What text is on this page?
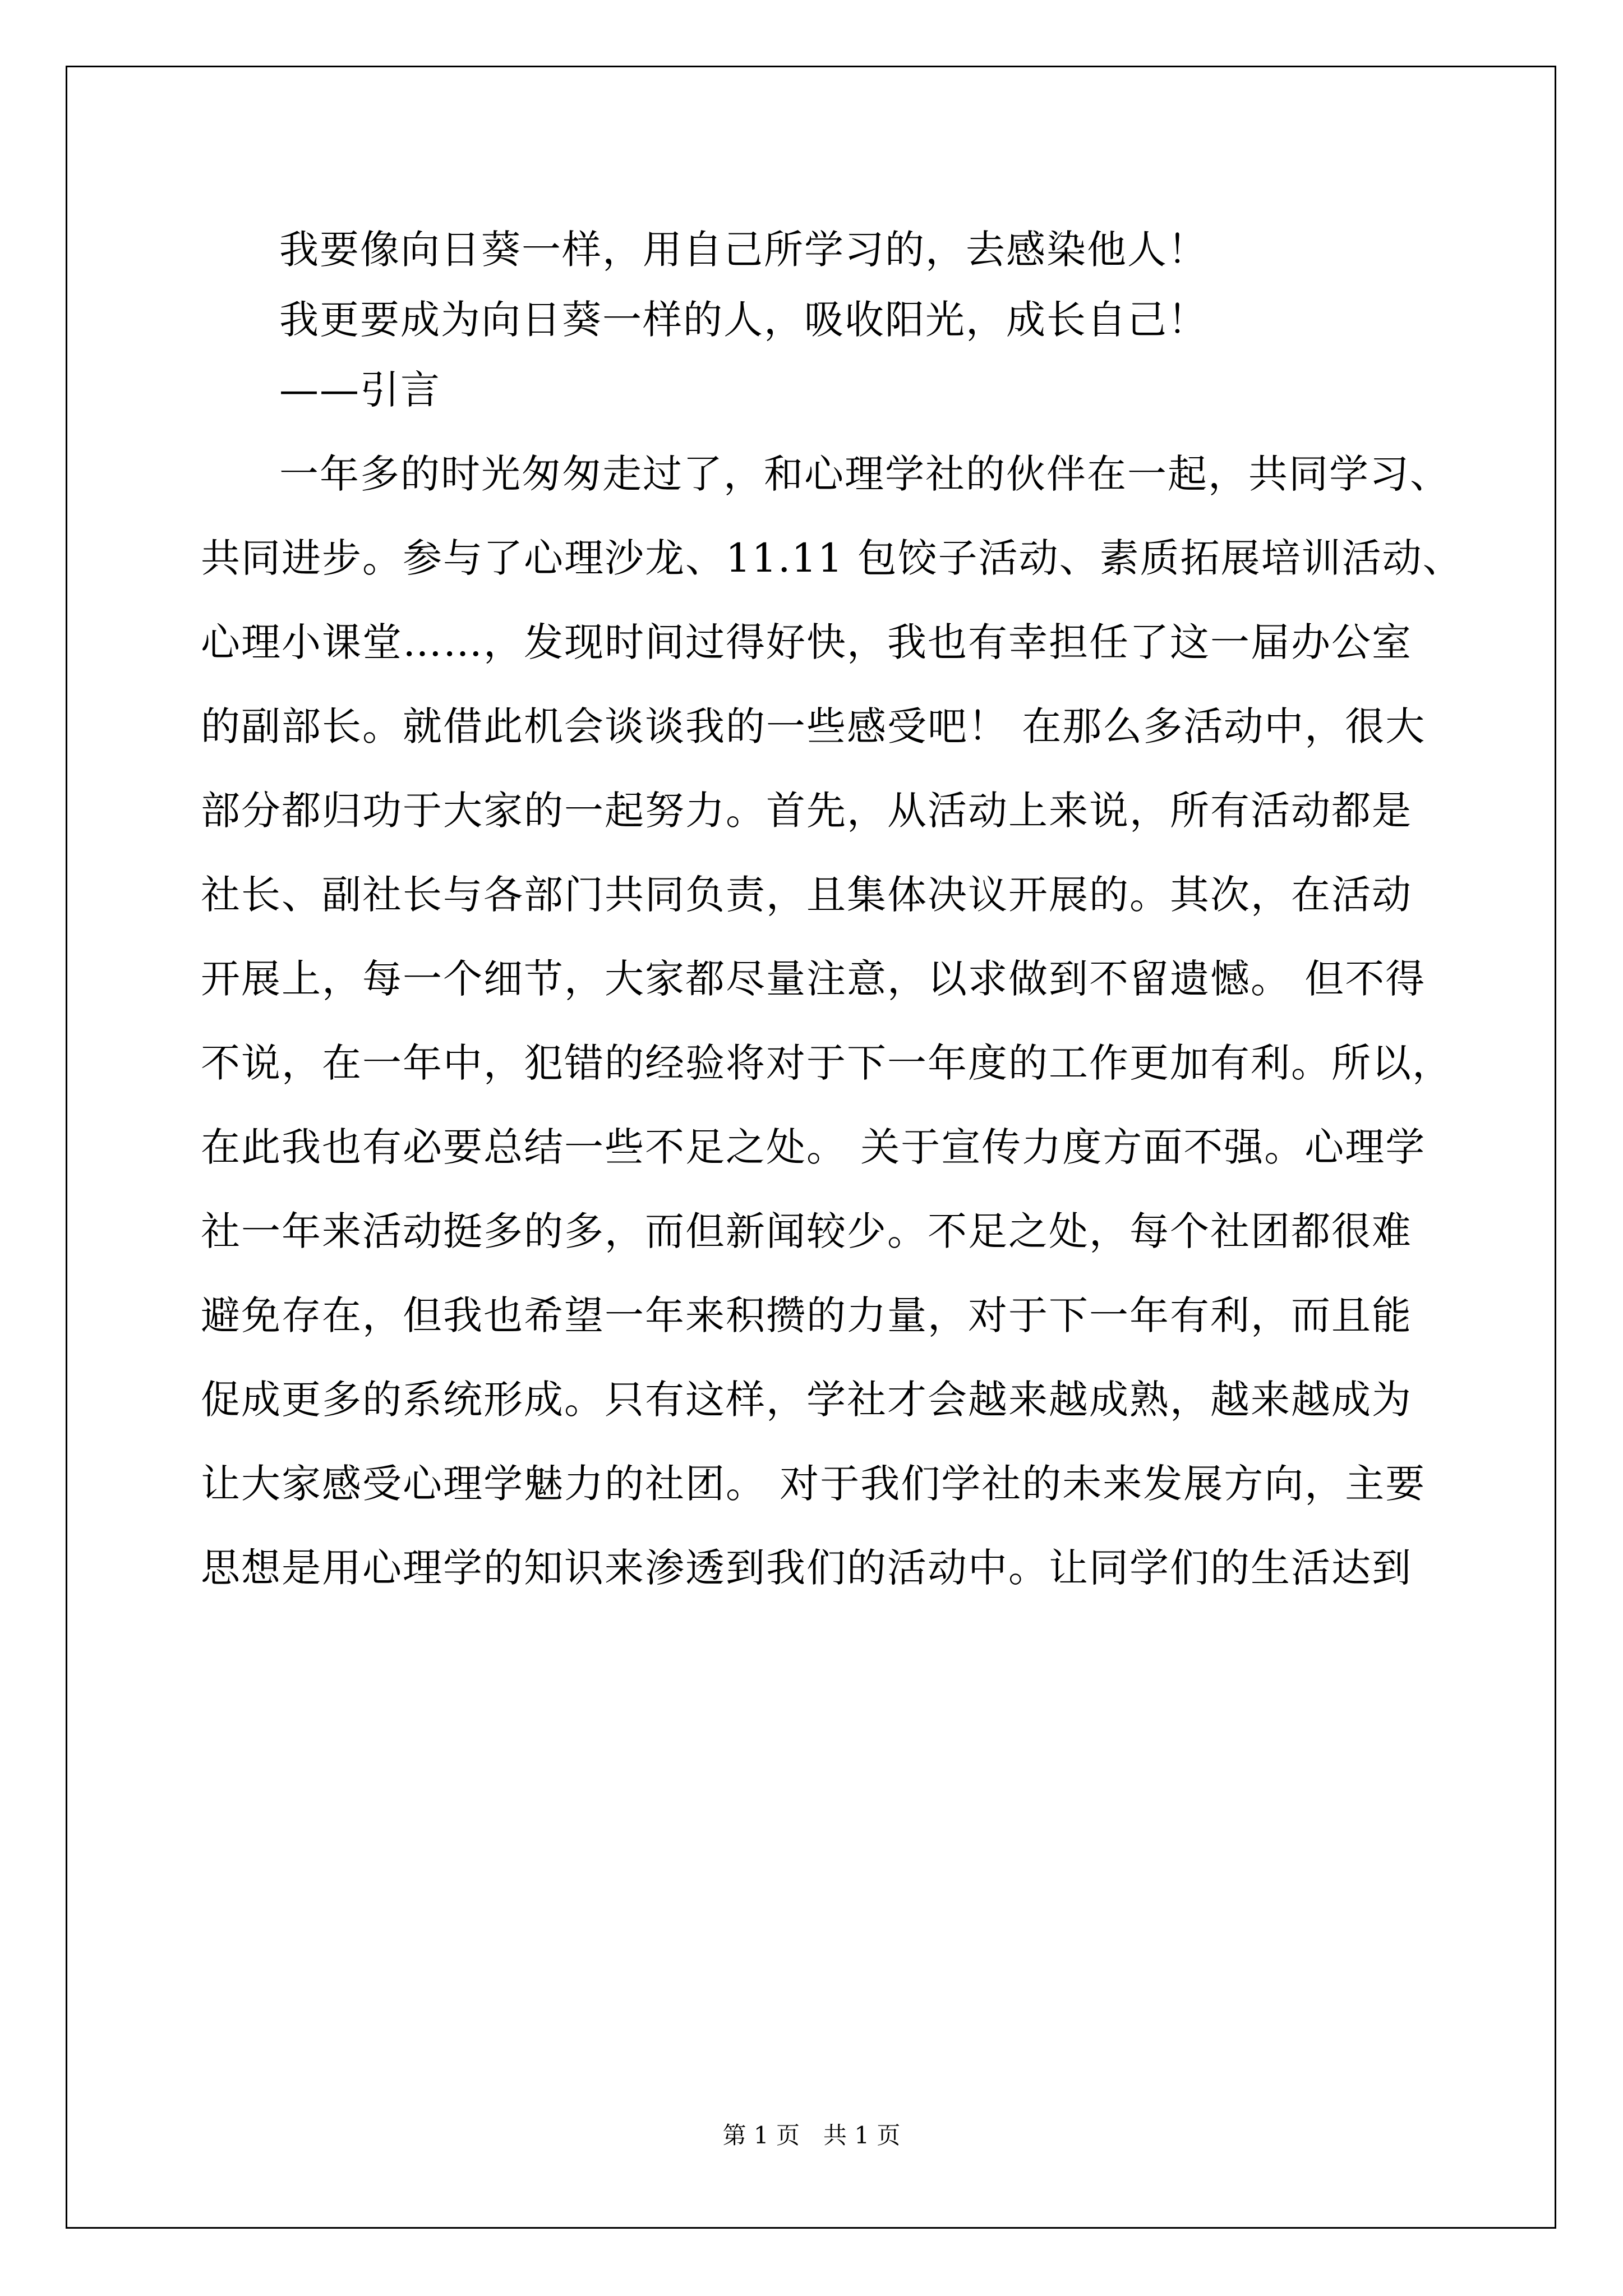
我要像向日葵一样，用自己所学习的，去感染他人！
我更要成为向日葵一样的人，吸收阳光，成长自己！
——引言
一年多的时光匆匆走过了，和心理学社的伙伴在一起，共同学习、
共同进步。参与了心理沙龙、11.11 包饺子活动、素质拓展培训活动、
心理小课堂……，发现时间过得好快，我也有幸担任了这一届办公室
的副部长。就借此机会谈谈我的一些感受吧！ 在那么多活动中，很大
部分都归功于大家的一起努力。首先，从活动上来说，所有活动都是
社长、副社长与各部门共同负责，且集体决议开展的。其次，在活动
开展上，每一个细节，大家都尽量注意，以求做到不留遗憾。 但不得
不说，在一年中，犯错的经验将对于下一年度的工作更加有利。所以，
在此我也有必要总结一些不足之处。 关于宣传力度方面不强。心理学
社一年来活动挺多的多，而但新闻较少。不足之处，每个社团都很难
避免存在，但我也希望一年来积攒的力量，对于下一年有利，而且能
促成更多的系统形成。只有这样，学社才会越来越成熟，越来越成为
让大家感受心理学魅力的社团。 对于我们学社的未来发展方向，主要
思想是用心理学的知识来渗透到我们的活动中。让同学们的生活达到
第 1 页　共 1 页
